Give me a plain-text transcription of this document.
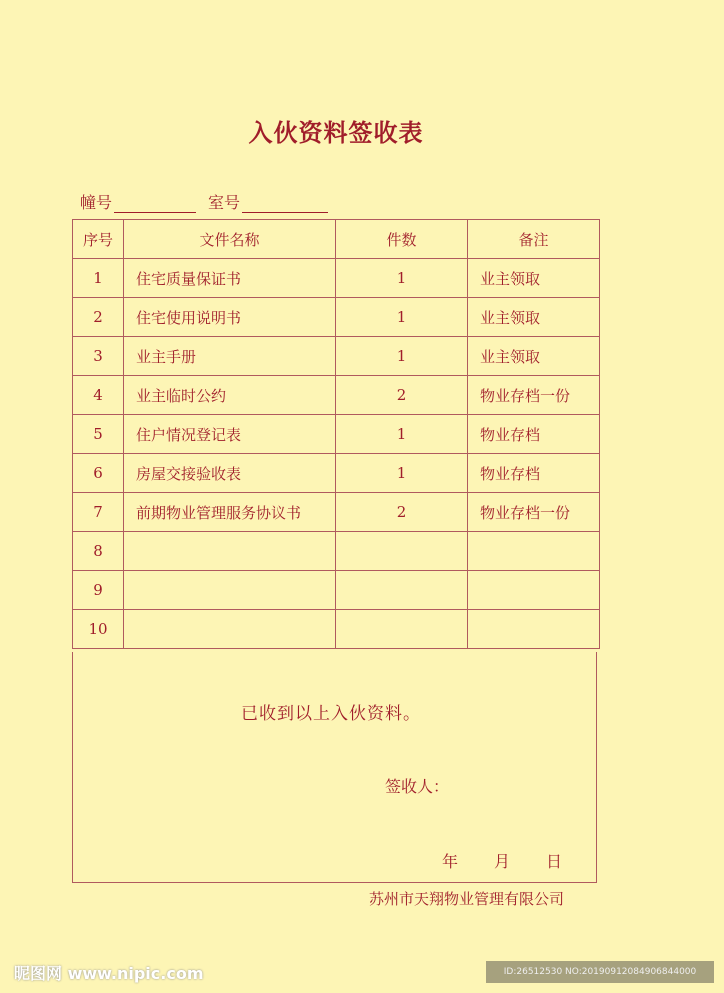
入伙资料签收表
幢号	室号
序号	文件名称	件数	备注
1	住宅质量保证书	1	业主领取
2	住宅使用说明书	1	业主领取
3	业主手册	1	业主领取
4	业主临时公约	2	物业存档一份
5	住户情况登记表	1	物业存档
6	房屋交接验收表	1	物业存档
7	前期物业管理服务协议书	2	物业存档一份
8			
9			
10			
已收到以上入伙资料。
签收人：
年 月 日
苏州市天翔物业管理有限公司
昵图网 www.nipic.com	ID:26512530 NO:20190912084906844000
